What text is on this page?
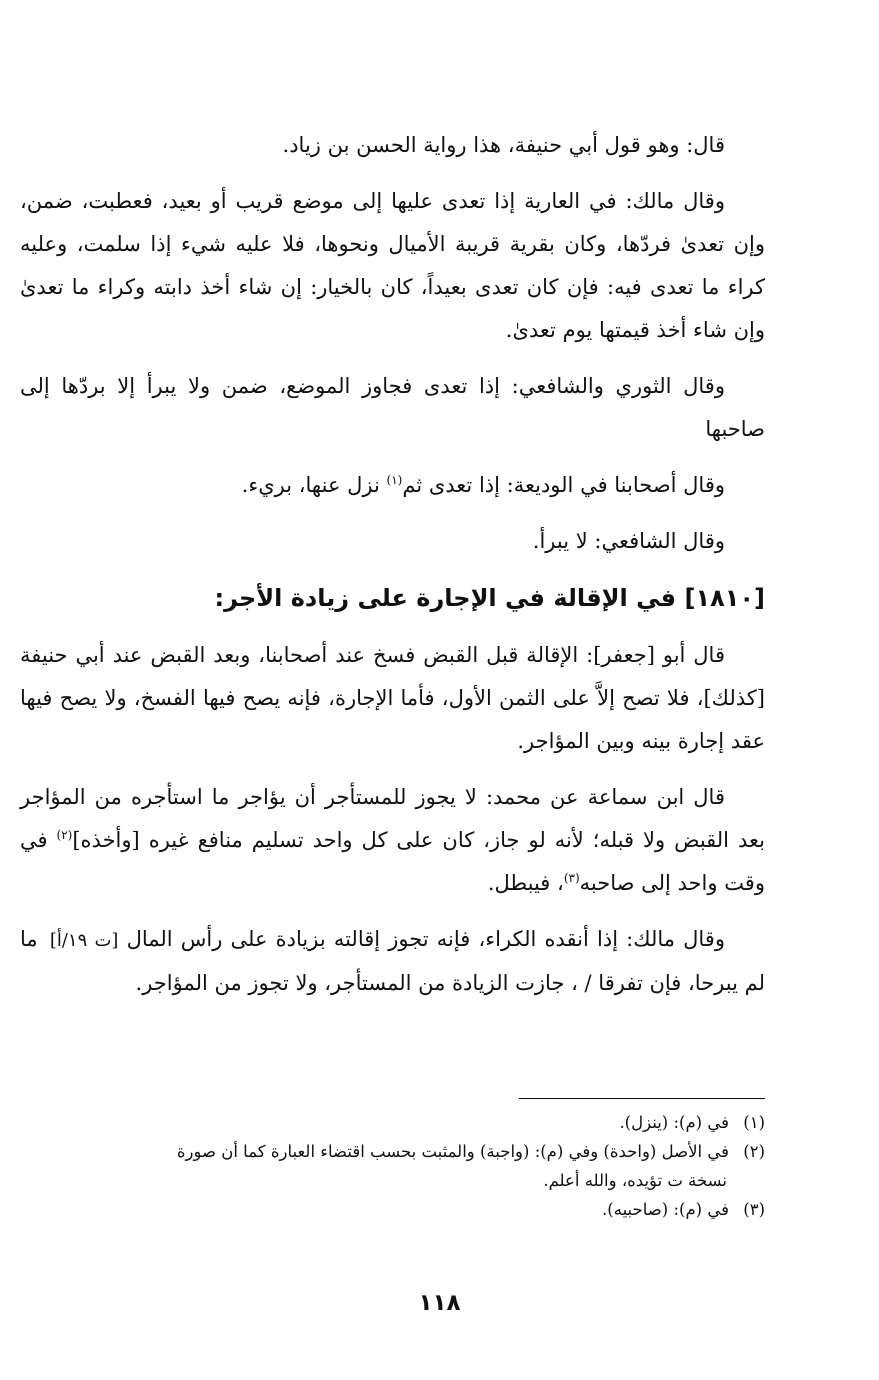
قال: وهو قول أبي حنيفة، هذا رواية الحسن بن زياد.

وقال مالك: في العارية إذا تعدى عليها إلى موضع قريب أو بعيد، فعطبت، ضمن، وإن تعدىٰ فردّها، وكان بقرية قريبة الأميال ونحوها، فلا عليه شيء إذا سلمت، وعليه كراء ما تعدى فيه: فإن كان تعدى بعيداً، كان بالخيار: إن شاء أخذ دابته وكراء ما تعدىٰ وإن شاء أخذ قيمتها يوم تعدىٰ.

وقال الثوري والشافعي: إذا تعدى فجاوز الموضع، ضمن ولا يبرأ إلا بردّها إلى صاحبها

وقال أصحابنا في الوديعة: إذا تعدى ثم$^{(١)}$ نزل عنها، بريء.

وقال الشافعي: لا يبرأ.

[١٨١٠] في الإقالة في الإجارة على زيادة الأجر:

قال أبو [جعفر]: الإقالة قبل القبض فسخ عند أصحابنا، وبعد القبض عند أبي حنيفة [كذلك]، فلا تصح إلاَّ على الثمن الأول، فأما الإجارة، فإنه يصح فيها الفسخ، ولا يصح فيها عقد إجارة بينه وبين المؤاجر.

قال ابن سماعة عن محمد: لا يجوز للمستأجر أن يؤاجر ما استأجره من المؤاجر بعد القبض ولا قبله؛ لأنه لو جاز، كان على كل واحد تسليم منافع غيره [وأخذه]$^{(٢)}$ في وقت واحد إلى صاحبه$^{(٣)}$، فيبطل.

وقال مالك: إذا أنقده الكراء، فإنه تجوز إقالته بزيادة على رأس المال [ت ١٩/أ] ما لم يبرحا، فإن تفرقا / ، جازت الزيادة من المستأجر، ولا تجوز من المؤاجر.

(١)في (م): (ينزل).

(٢)في الأصل (واحدة) وفي (م): (واجبة) والمثبت بحسب اقتضاء العبارة كما أن صورة

نسخة ت تؤيده، والله أعلم.

(٣)في (م): (صاحبيه).

١١٨
